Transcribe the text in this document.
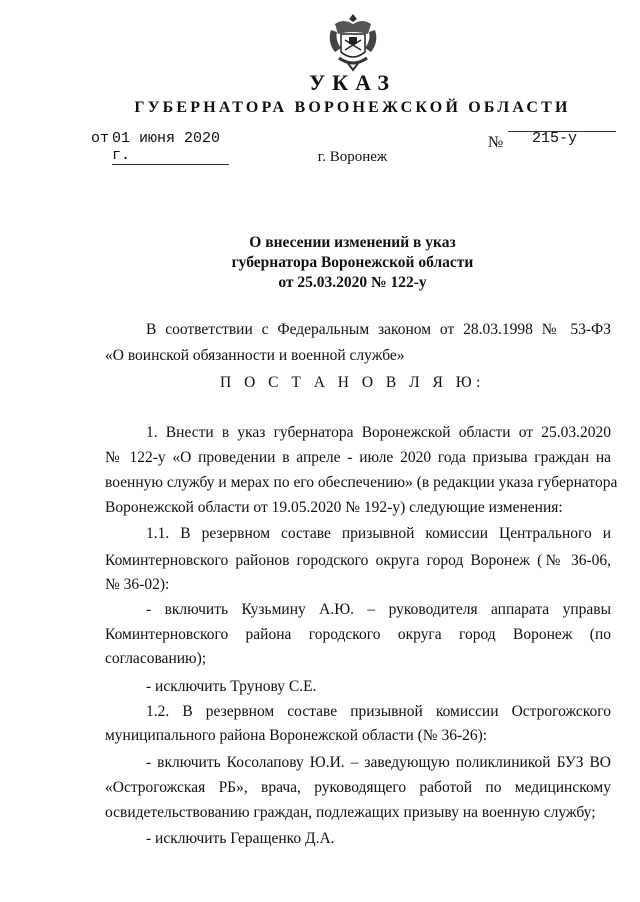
УКАЗ
ГУБЕРНАТОРА ВОРОНЕЖСКОЙ ОБЛАСТИ
от 01 июня 2020 г.
№ 215-у
г. Воронеж
О внесении изменений в указ
губернатора Воронежской области
от 25.03.2020 № 122-у
В соответствии с Федеральным законом от 28.03.1998 № 53-ФЗ
«О воинской обязанности и военной службе»
П О С Т А Н О В Л Я Ю:
1. Внести в указ губернатора Воронежской области от 25.03.2020
№ 122-у «О проведении в апреле - июле 2020 года призыва граждан на
военную службу и мерах по его обеспечению» (в редакции указа губернатора
Воронежской области от 19.05.2020 № 192-у) следующие изменения:
1.1. В резервном составе призывной комиссии Центрального и
Коминтерновского районов городского округа город Воронеж (№ 36-06,
№ 36-02):
- включить Кузьмину А.Ю. – руководителя аппарата управы
Коминтерновского района городского округа город Воронеж (по
согласованию);
- исключить Трунову С.Е.
1.2. В резервном составе призывной комиссии Острогожского
муниципального района Воронежской области (№ 36-26):
- включить Косолапову Ю.И. – заведующую поликлиникой БУЗ ВО
«Острогожская РБ», врача, руководящего работой по медицинскому
освидетельствованию граждан, подлежащих призыву на военную службу;
- исключить Геращенко Д.А.
